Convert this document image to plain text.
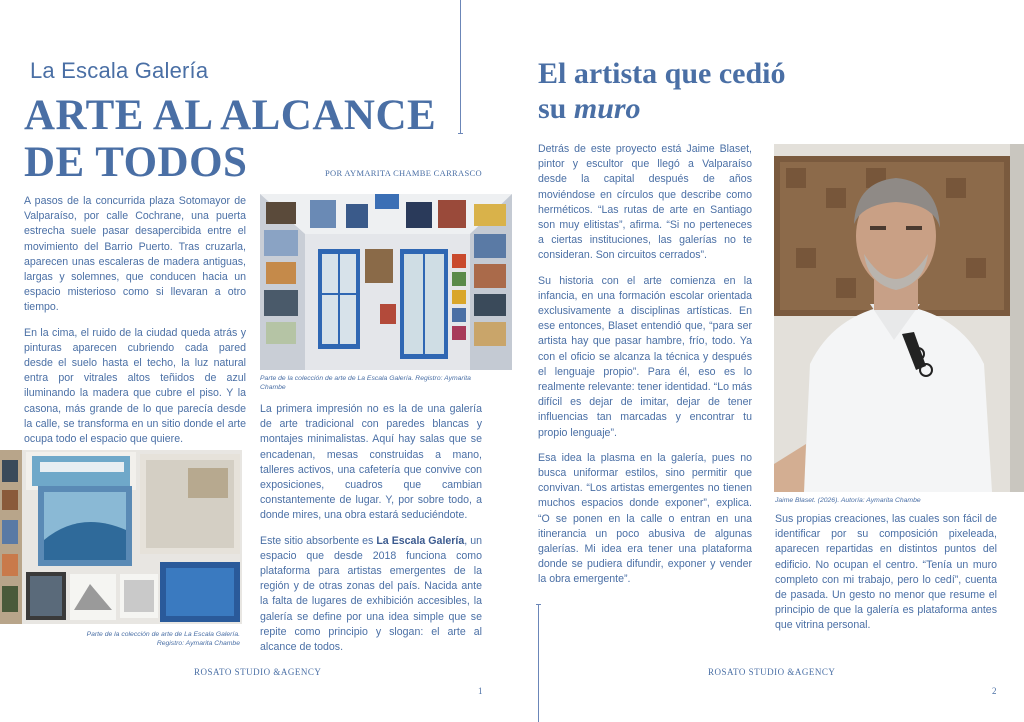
La Escala Galería
ARTE AL ALCANCE
DE TODOS	POR AYMARITA CHAMBE CARRASCO

A pasos de la concurrida plaza Sotomayor de Valparaíso, por calle Cochrane, una puerta estrecha suele pasar desapercibida entre el movimiento del Barrio Puerto. Tras cruzarla, aparecen unas escaleras de madera antiguas, largas y solemnes, que conducen hacia un espacio misterioso como si llevaran a otro tiempo.

En la cima, el ruido de la ciudad queda atrás y pinturas aparecen cubriendo cada pared desde el suelo hasta el techo, la luz natural entra por vitrales altos teñidos de azul iluminando la madera que cubre el piso. Y la casona, más grande de lo que parecía desde la calle, se transforma en un sitio donde el arte ocupa todo el espacio que quiere.

Parte de la colección de arte de La Escala Galería. Registro: Aymarita Chambe

La primera impresión no es la de una galería de arte tradicional con paredes blancas y montajes minimalistas. Aquí hay salas que se encadenan, mesas construidas a mano, talleres activos, una cafetería que convive con exposiciones, cuadros que cambian constantemente de lugar. Y, por sobre todo, a donde mires, una obra estará seduciéndote.

Este sitio absorbente es La Escala Galería, un espacio que desde 2018 funciona como plataforma para artistas emergentes de la región y de otras zonas del país. Nacida ante la falta de lugares de exhibición accesibles, la galería se define por una idea simple que se repite como principio y slogan: el arte al alcance de todos.

Parte de la colección de arte de La Escala Galería.
Registro: Aymarita Chambe
ROSATO STUDIO &AGENCY
1
El artista que cedió
su muro

Detrás de este proyecto está Jaime Blaset, pintor y escultor que llegó a Valparaíso desde la capital después de años moviéndose en círculos que describe como herméticos. “Las rutas de arte en Santiago son muy elitistas”, afirma. “Si no perteneces a ciertas instituciones, las galerías no te consideran. Son circuitos cerrados”.

Su historia con el arte comienza en la infancia, en una formación escolar orientada exclusivamente a disciplinas artísticas. En ese entonces, Blaset entendió que, “para ser artista hay que pasar hambre, frío, todo. Ya con el oficio se alcanza la técnica y después el lenguaje propio”. Para él, eso es lo realmente relevante: tener identidad. “Lo más difícil es dejar de imitar, dejar de tener influencias tan marcadas y encontrar tu propio lenguaje”.

Esa idea la plasma en la galería, pues no busca uniformar estilos, sino permitir que convivan. “Los artistas emergentes no tienen muchos espacios donde exponer”, explica. “O se ponen en la calle o entran en una itinerancia un poco abusiva de algunas galerías. Mi idea era tener una plataforma donde se pudiera difundir, exponer y vender la obra emergente”.

Jaime Blaset. (2026). Autoría: Aymarita Chambe

Sus propias creaciones, las cuales son fácil de identificar por su composición pixeleada, aparecen repartidas en distintos puntos del edificio. No ocupan el centro. “Tenía un muro completo con mi trabajo, pero lo cedí”, cuenta de pasada. Un gesto no menor que resume el principio de que la galería es plataforma antes que vitrina personal.

ROSATO STUDIO &AGENCY
2
